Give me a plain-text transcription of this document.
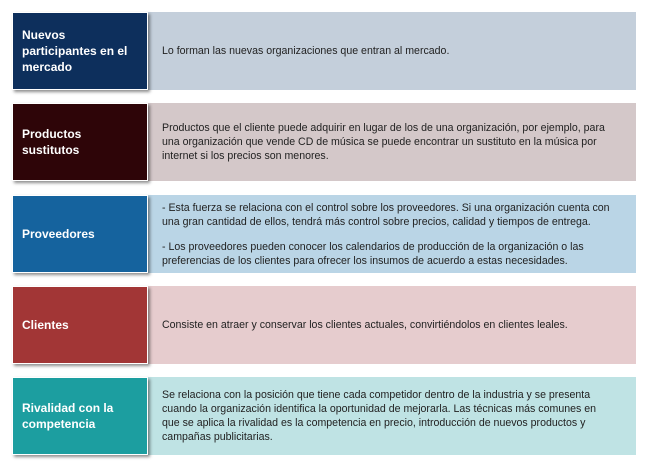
Lo forman las nuevas organizaciones que entran al mercado.

Nuevos participantes en el mercado

Productos que el cliente puede adquirir en lugar de los de una organización, por ejemplo, para una organización que vende CD de música se puede encontrar un sustituto en la música por internet si los precios son menores.

Productos sustitutos

- Esta fuerza se relaciona con el control sobre los proveedores. Si una organización cuenta con una gran cantidad de ellos, tendrá más control sobre precios, calidad y tiempos de entrega.

- Los proveedores pueden conocer los calendarios de producción de la organización o las preferencias de los clientes para ofrecer los insumos de acuerdo a estas necesidades.

Proveedores

Consiste en atraer y conservar los clientes actuales, convirtiéndolos en clientes leales.

Clientes

Se relaciona con la posición que tiene cada competidor dentro de la industria y se presenta cuando la organización identifica la oportunidad de mejorarla. Las técnicas más comunes en que se aplica la rivalidad es la competencia en precio, introducción de nuevos productos y campañas publicitarias.

Rivalidad con la competencia
